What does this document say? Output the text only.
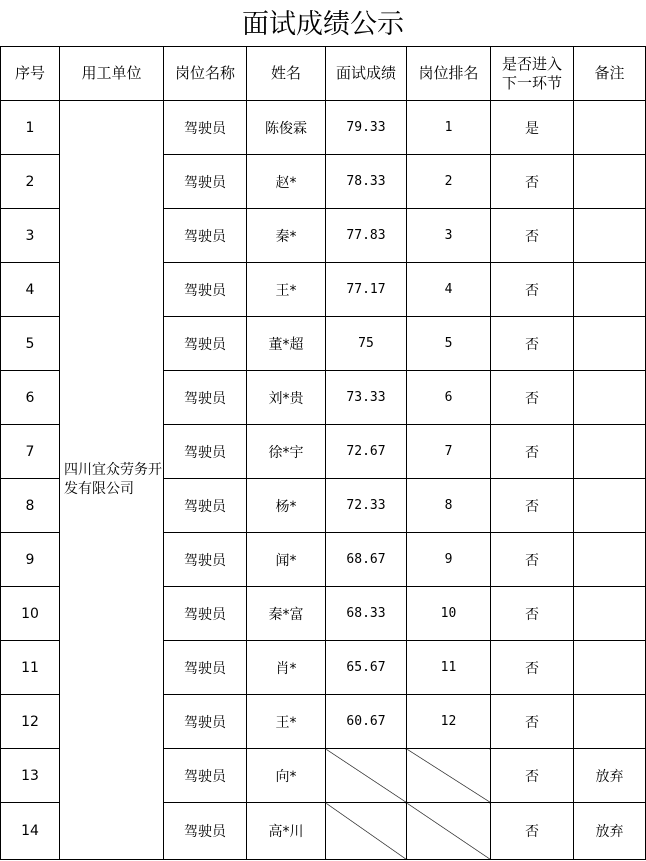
面试成绩公示
序号	用工单位	岗位名称	姓名	面试成绩	岗位排名	是否进入下一环节	备注
1	四川宜众劳务开发有限公司	驾驶员	陈俊霖	79.33	1	是	
2		驾驶员	赵*	78.33	2	否	
3		驾驶员	秦*	77.83	3	否	
4		驾驶员	王*	77.17	4	否	
5		驾驶员	董*超	75	5	否	
6		驾驶员	刘*贵	73.33	6	否	
7		驾驶员	徐*宇	72.67	7	否	
8		驾驶员	杨*	72.33	8	否	
9		驾驶员	闻*	68.67	9	否	
10		驾驶员	秦*富	68.33	10	否	
11		驾驶员	肖*	65.67	11	否	
12		驾驶员	王*	60.67	12	否	
13		驾驶员	向*			否	放弃
14		驾驶员	高*川			否	放弃
